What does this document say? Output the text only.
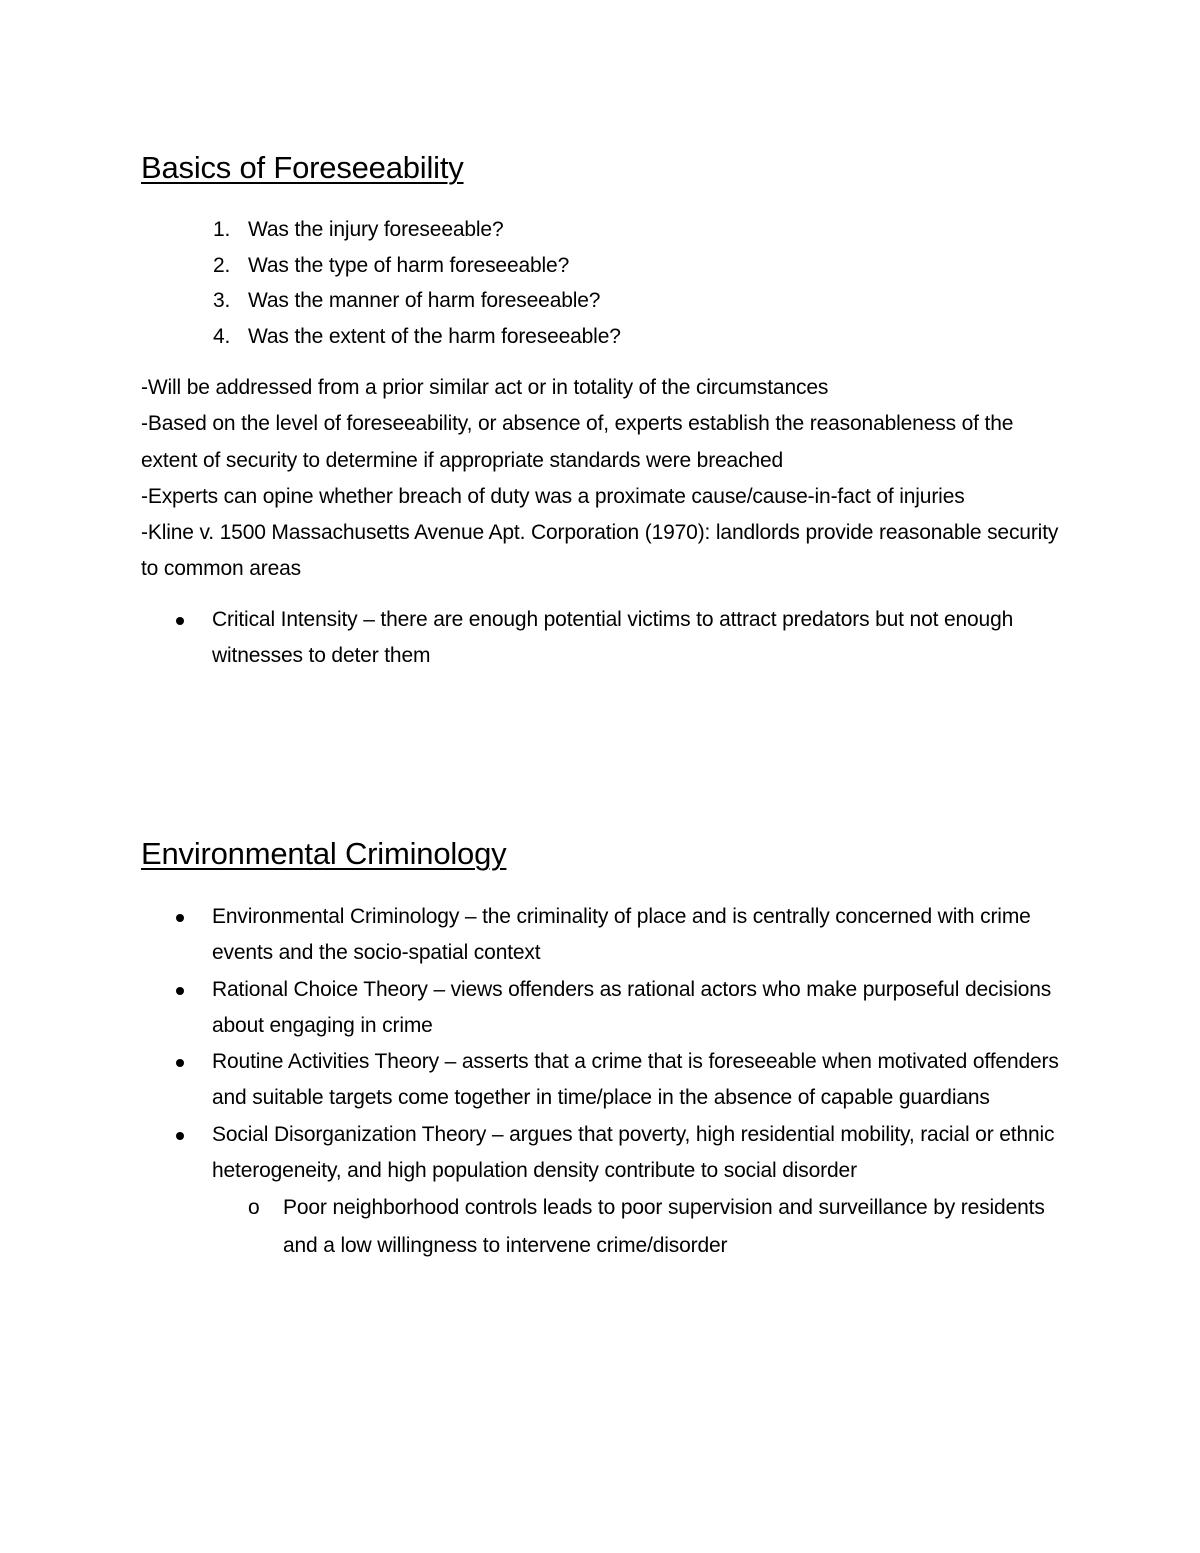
Basics of Foreseeability
1. Was the injury foreseeable?
2. Was the type of harm foreseeable?
3. Was the manner of harm foreseeable?
4. Was the extent of the harm foreseeable?

-Will be addressed from a prior similar act or in totality of the circumstances

-Based on the level of foreseeability, or absence of, experts establish the reasonableness of the extent of security to determine if appropriate standards were breached

-Experts can opine whether breach of duty was a proximate cause/cause-in-fact of injuries

-Kline v. 1500 Massachusetts Avenue Apt. Corporation (1970): landlords provide reasonable security to common areas

Critical Intensity – there are enough potential victims to attract predators but not enough witnesses to deter them
Environmental Criminology
Environmental Criminology – the criminality of place and is centrally concerned with crime events and the socio-spatial context
Rational Choice Theory – views offenders as rational actors who make purposeful decisions about engaging in crime
Routine Activities Theory – asserts that a crime that is foreseeable when motivated offenders and suitable targets come together in time/place in the absence of capable guardians
Social Disorganization Theory – argues that poverty, high residential mobility, racial or ethnic heterogeneity, and high population density contribute to social disorder
o Poor neighborhood controls leads to poor supervision and surveillance by residents and a low willingness to intervene crime/disorder
